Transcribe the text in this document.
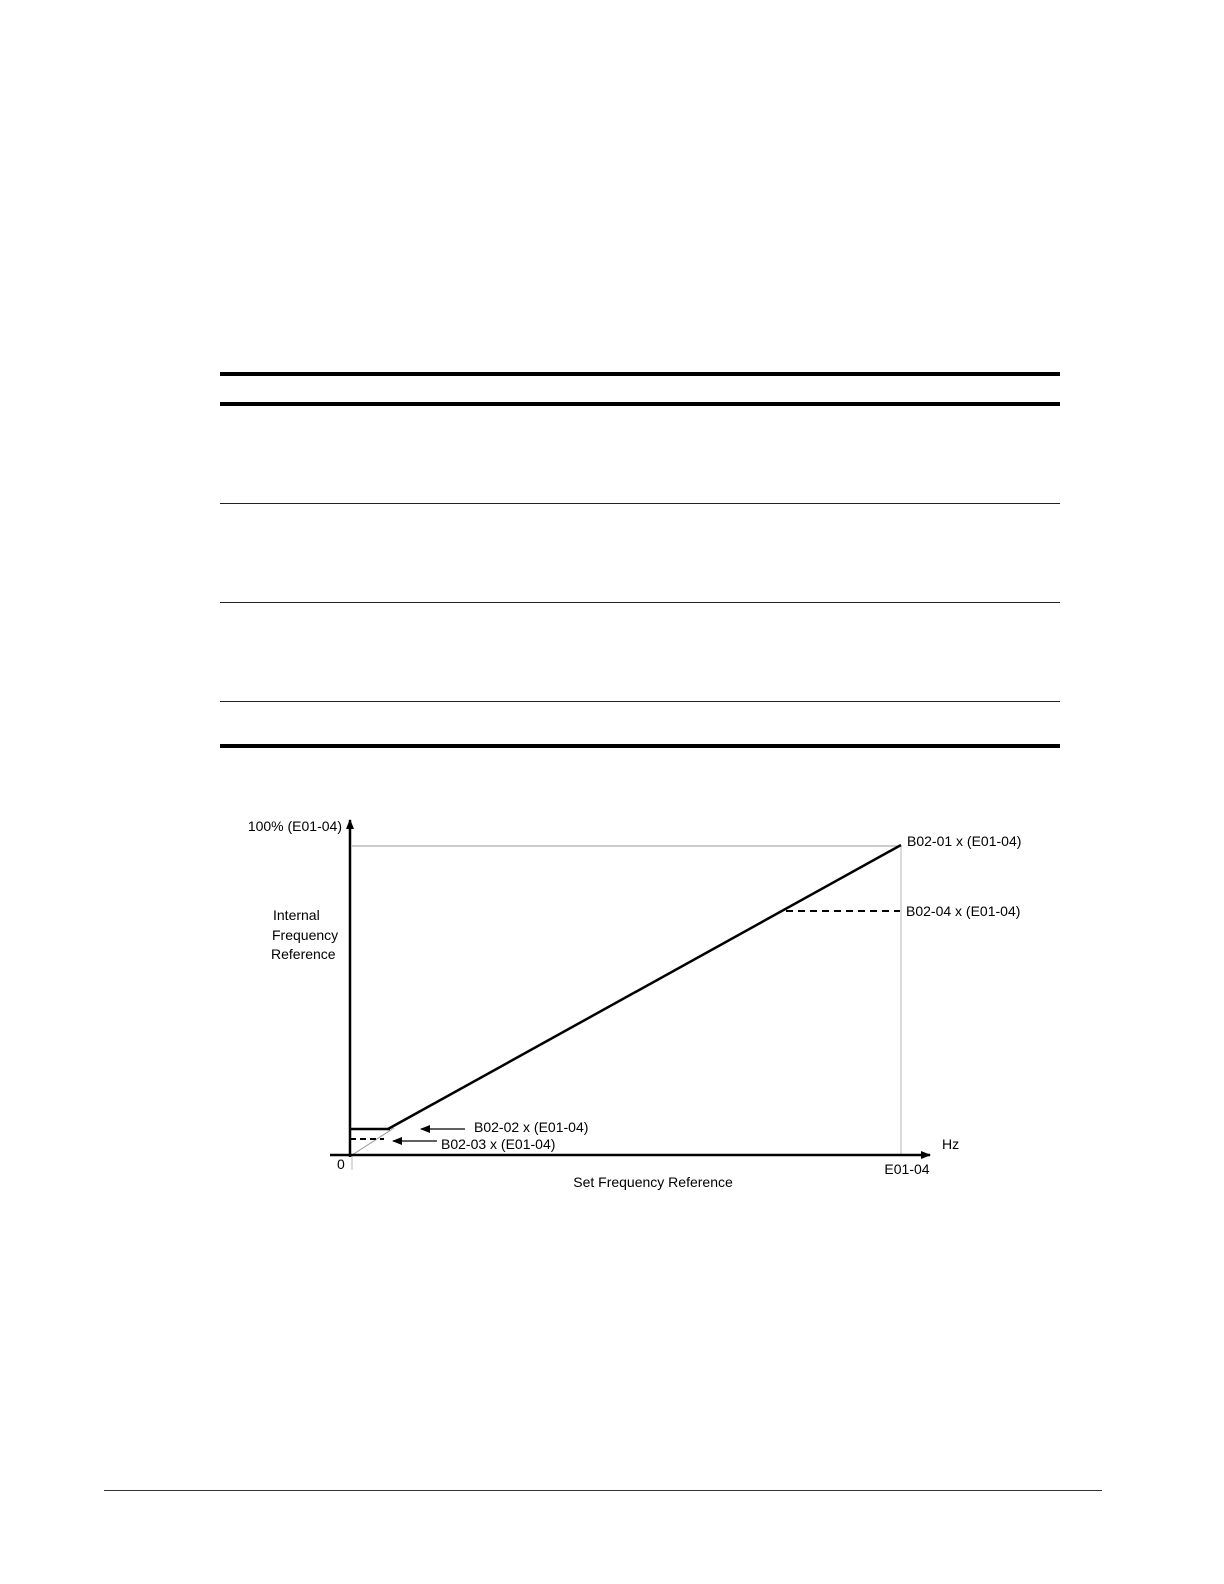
100% (E01-04)
Internal
Frequency
Reference
B02-01 x (E01-04)
B02-04 x (E01-04)
B02-02 x (E01-04)
B02-03 x (E01-04)	Hz
0	E01-04
Set Frequency Reference
